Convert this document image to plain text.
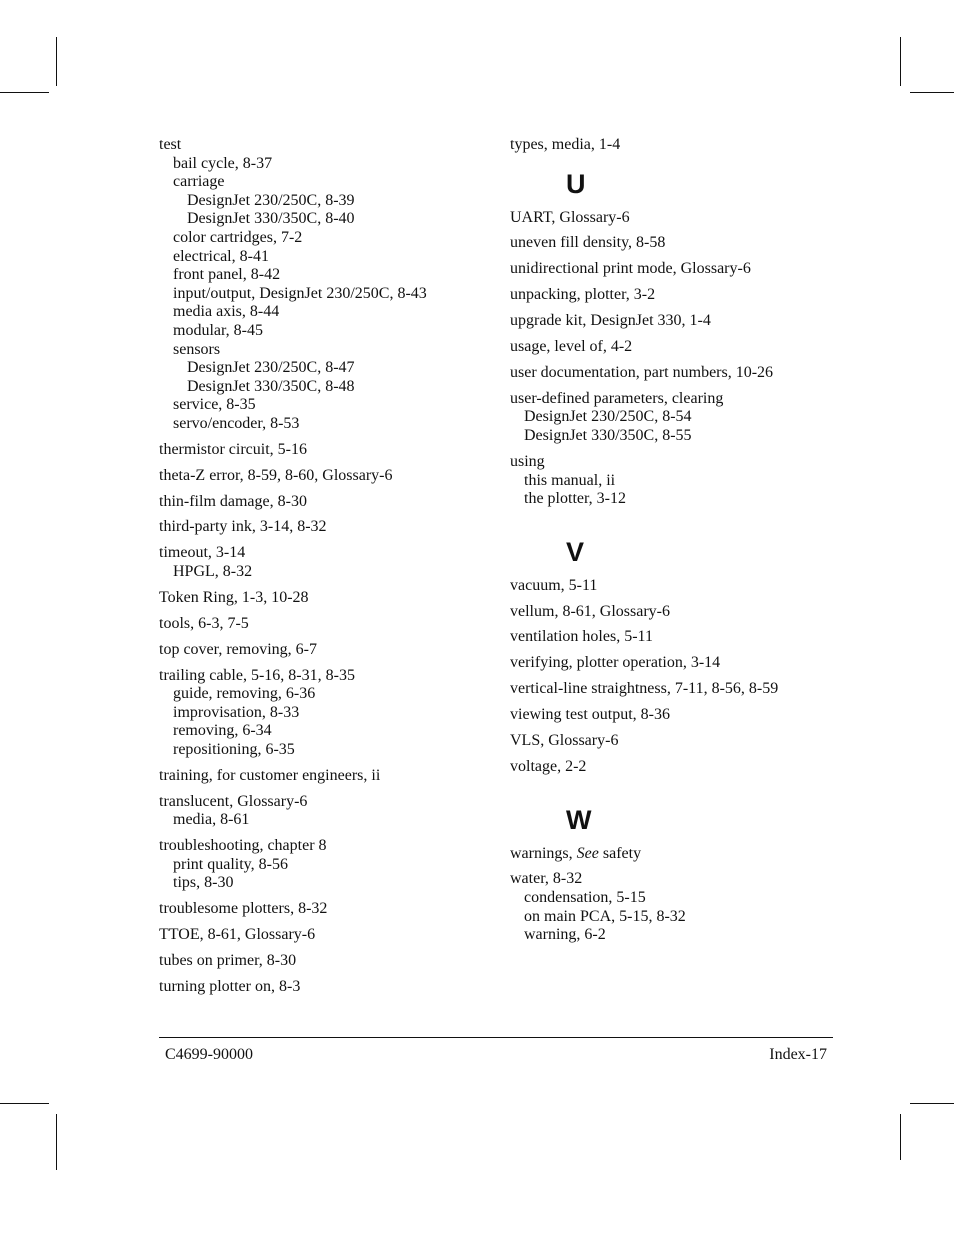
test
bail cycle, 8-37
carriage
DesignJet 230/250C, 8-39
DesignJet 330/350C, 8-40
color cartridges, 7-2
electrical, 8-41
front panel, 8-42
input/output, DesignJet 230/250C, 8-43
media axis, 8-44
modular, 8-45
sensors
DesignJet 230/250C, 8-47
DesignJet 330/350C, 8-48
service, 8-35
servo/encoder, 8-53
thermistor circuit, 5-16
theta-Z error, 8-59, 8-60, Glossary-6
thin-film damage, 8-30
third-party ink, 3-14, 8-32
timeout, 3-14
HPGL, 8-32
Token Ring, 1-3, 10-28
tools, 6-3, 7-5
top cover, removing, 6-7
trailing cable, 5-16, 8-31, 8-35
guide, removing, 6-36
improvisation, 8-33
removing, 6-34
repositioning, 6-35
training, for customer engineers, ii
translucent, Glossary-6
media, 8-61
troubleshooting, chapter 8
print quality, 8-56
tips, 8-30
troublesome plotters, 8-32
TTOE, 8-61, Glossary-6
tubes on primer, 8-30
turning plotter on, 8-3
types, media, 1-4
U
UART, Glossary-6
uneven fill density, 8-58
unidirectional print mode, Glossary-6
unpacking, plotter, 3-2
upgrade kit, DesignJet 330, 1-4
usage, level of, 4-2
user documentation, part numbers, 10-26
user-defined parameters, clearing
DesignJet 230/250C, 8-54
DesignJet 330/350C, 8-55
using
this manual, ii
the plotter, 3-12
V
vacuum, 5-11
vellum, 8-61, Glossary-6
ventilation holes, 5-11
verifying, plotter operation, 3-14
vertical-line straightness, 7-11, 8-56, 8-59
viewing test output, 8-36
VLS, Glossary-6
voltage, 2-2
W
warnings, See safety
water, 8-32
condensation, 5-15
on main PCA, 5-15, 8-32
warning, 6-2
C4699-90000	Index-17
